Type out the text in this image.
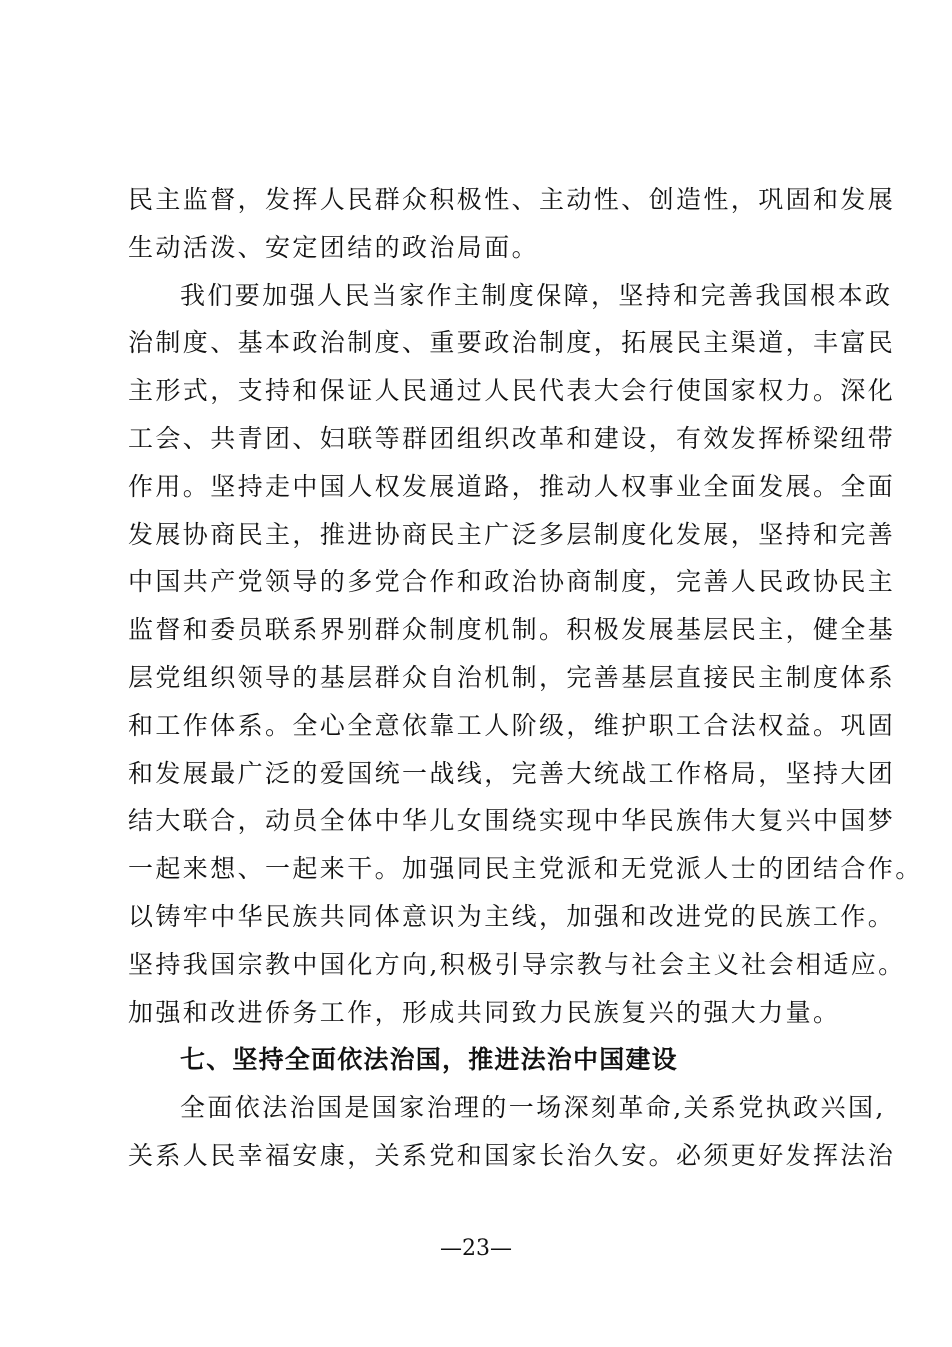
民主监督，发挥人民群众积极性、主动性、创造性，巩固和发展
生动活泼、安定团结的政治局面。
我们要加强人民当家作主制度保障，坚持和完善我国根本政
治制度、基本政治制度、重要政治制度，拓展民主渠道，丰富民
主形式，支持和保证人民通过人民代表大会行使国家权力。深化
工会、共青团、妇联等群团组织改革和建设，有效发挥桥梁纽带
作用。坚持走中国人权发展道路，推动人权事业全面发展。全面
发展协商民主，推进协商民主广泛多层制度化发展，坚持和完善
中国共产党领导的多党合作和政治协商制度，完善人民政协民主
监督和委员联系界别群众制度机制。积极发展基层民主，健全基
层党组织领导的基层群众自治机制，完善基层直接民主制度体系
和工作体系。全心全意依靠工人阶级，维护职工合法权益。巩固
和发展最广泛的爱国统一战线，完善大统战工作格局，坚持大团
结大联合，动员全体中华儿女围绕实现中华民族伟大复兴中国梦
一起来想、一起来干。加强同民主党派和无党派人士的团结合作。
以铸牢中华民族共同体意识为主线，加强和改进党的民族工作。
坚持我国宗教中国化方向,积极引导宗教与社会主义社会相适应。
加强和改进侨务工作，形成共同致力民族复兴的强大力量。
七、坚持全面依法治国，推进法治中国建设
全面依法治国是国家治理的一场深刻革命,关系党执政兴国,
关系人民幸福安康，关系党和国家长治久安。必须更好发挥法治
—23—
